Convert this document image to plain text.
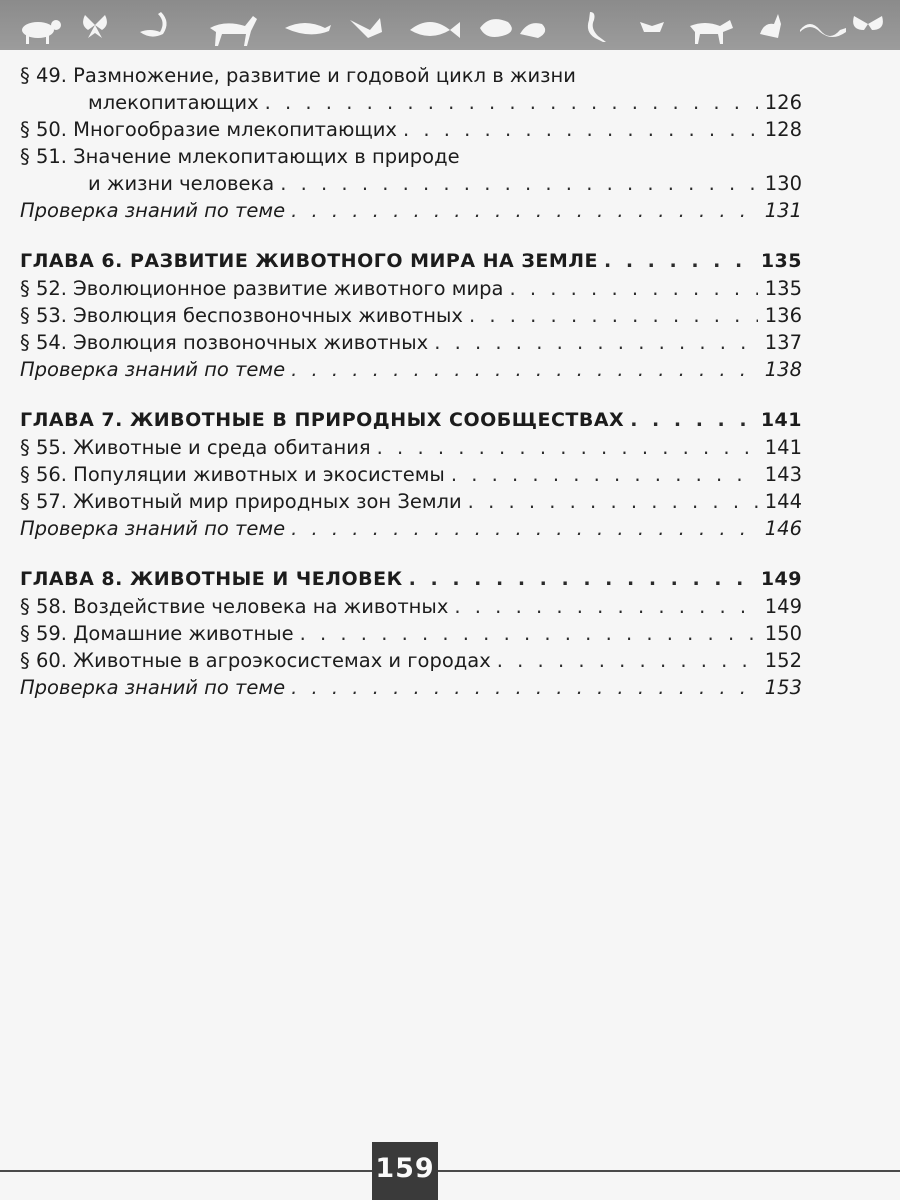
§ 49. Размножение, развитие и годовой цикл в жизни
млекопитающих . . .	126
§ 50. Многообразие млекопитающих . . .	128
§ 51. Значение млекопитающих в природе
и жизни человека . . .	130
Проверка знаний по теме . . .	131
ГЛАВА 6. РАЗВИТИЕ ЖИВОТНОГО МИРА НА ЗЕМЛЕ . . .	135
§ 52. Эволюционное развитие животного мира . . .	135
§ 53. Эволюция беспозвоночных животных . . .	136
§ 54. Эволюция позвоночных животных . . .	137
Проверка знаний по теме . . .	138
ГЛАВА 7. ЖИВОТНЫЕ В ПРИРОДНЫХ СООБЩЕСТВАХ . . .	141
§ 55. Животные и среда обитания . . .	141
§ 56. Популяции животных и экосистемы . . .	143
§ 57. Животный мир природных зон Земли . . .	144
Проверка знаний по теме . . .	146
ГЛАВА 8. ЖИВОТНЫЕ И ЧЕЛОВЕК . . .	149
§ 58. Воздействие человека на животных . . .	149
§ 59. Домашние животные . . .	150
§ 60. Животные в агроэкосистемах и городах . . .	152
Проверка знаний по теме . . .	153
159
